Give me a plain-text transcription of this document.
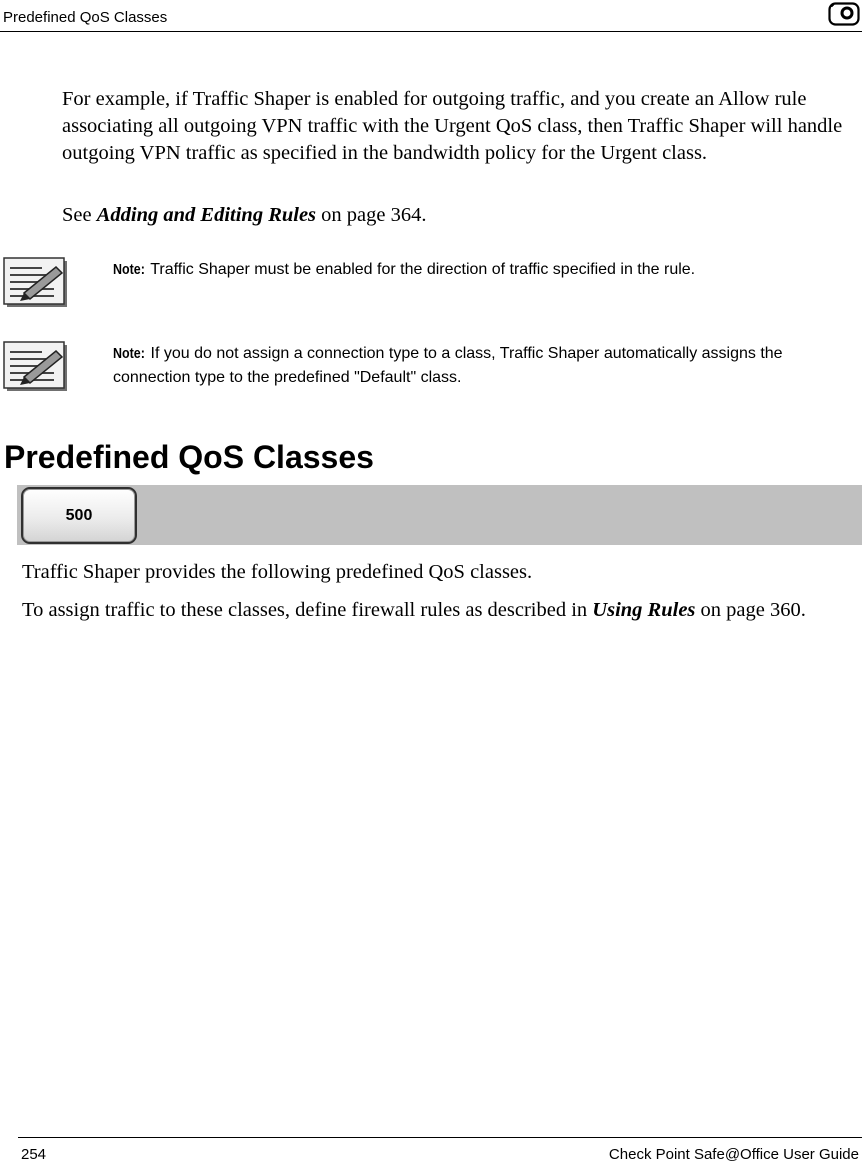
Predefined QoS Classes

For example, if Traffic Shaper is enabled for outgoing traffic, and you create an Allow rule associating all outgoing VPN traffic with the Urgent QoS class, then Traffic Shaper will handle outgoing VPN traffic as specified in the bandwidth policy for the Urgent class.

See Adding and Editing Rules on page 364.

Note: Traffic Shaper must be enabled for the direction of traffic specified in the rule.

Note: If you do not assign a connection type to a class, Traffic Shaper automatically assigns the connection type to the predefined "Default" class.

Predefined QoS Classes
500

Traffic Shaper provides the following predefined QoS classes.

To assign traffic to these classes, define firewall rules as described in Using Rules on page 360.

254	Check Point Safe@Office User Guide
